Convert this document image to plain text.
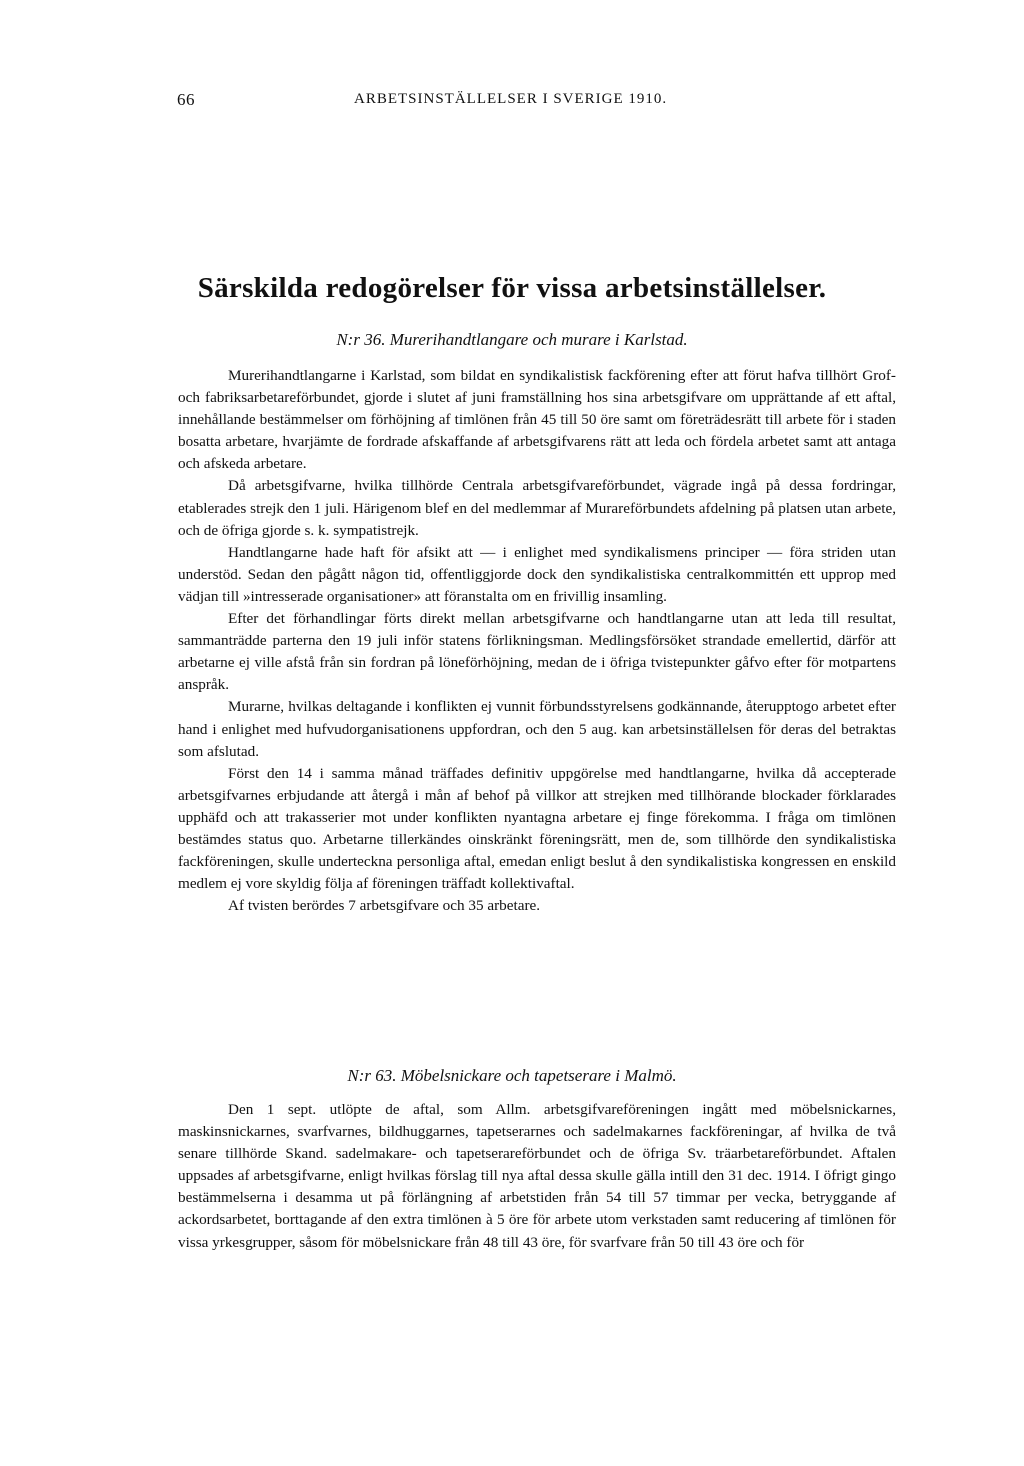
66	ARBETSINSTÄLLELSER I SVERIGE 1910.
Särskilda redogörelser för vissa arbetsinställelser.
N:r 36. Murerihandtlangare och murare i Karlstad.

Murerihandtlangarne i Karlstad, som bildat en syndikalistisk fackförening efter att förut hafva tillhört Grof- och fabriksarbetareförbundet, gjorde i slutet af juni framställning hos sina arbetsgifvare om upprättande af ett aftal, innehållande bestämmelser om förhöjning af timlönen från 45 till 50 öre samt om företrädesrätt till arbete för i staden bosatta arbetare, hvarjämte de fordrade afskaffande af arbetsgifvarens rätt att leda och fördela arbetet samt att antaga och afskeda arbetare.

Då arbetsgifvarne, hvilka tillhörde Centrala arbetsgifvareförbundet, vägrade ingå på dessa fordringar, etablerades strejk den 1 juli. Härigenom blef en del medlemmar af Murareförbundets afdelning på platsen utan arbete, och de öfriga gjorde s. k. sympatistrejk.

Handtlangarne hade haft för afsikt att — i enlighet med syndikalismens principer — föra striden utan understöd. Sedan den pågått någon tid, offentliggjorde dock den syndikalistiska centralkommittén ett upprop med vädjan till »intresserade organisationer» att föranstalta om en frivillig insamling.

Efter det förhandlingar förts direkt mellan arbetsgifvarne och handtlangarne utan att leda till resultat, sammanträdde parterna den 19 juli inför statens förlikningsman. Medlingsförsöket strandade emellertid, därför att arbetarne ej ville afstå från sin fordran på löneförhöjning, medan de i öfriga tvistepunkter gåfvo efter för motpartens anspråk.

Murarne, hvilkas deltagande i konflikten ej vunnit förbundsstyrelsens godkännande, återupptogo arbetet efter hand i enlighet med hufvudorganisationens uppfordran, och den 5 aug. kan arbetsinställelsen för deras del betraktas som afslutad.

Först den 14 i samma månad träffades definitiv uppgörelse med handtlangarne, hvilka då accepterade arbetsgifvarnes erbjudande att återgå i mån af behof på villkor att strejken med tillhörande blockader förklarades upphäfd och att trakasserier mot under konflikten nyantagna arbetare ej finge förekomma. I fråga om timlönen bestämdes status quo. Arbetarne tillerkändes oinskränkt föreningsrätt, men de, som tillhörde den syndikalistiska fackföreningen, skulle underteckna personliga aftal, emedan enligt beslut å den syndikalistiska kongressen en enskild medlem ej vore skyldig följa af föreningen träffadt kollektivaftal.

Af tvisten berördes 7 arbetsgifvare och 35 arbetare.

N:r 63. Möbelsnickare och tapetserare i Malmö.

Den 1 sept. utlöpte de aftal, som Allm. arbetsgifvareföreningen ingått med möbelsnickarnes, maskinsnickarnes, svarfvarnes, bildhuggarnes, tapetserarnes och sadelmakarnes fackföreningar, af hvilka de två senare tillhörde Skand. sadelmakare- och tapetserareförbundet och de öfriga Sv. träarbetareförbundet. Aftalen uppsades af arbetsgifvarne, enligt hvilkas förslag till nya aftal dessa skulle gälla intill den 31 dec. 1914. I öfrigt gingo bestämmelserna i desamma ut på förlängning af arbetstiden från 54 till 57 timmar per vecka, betryggande af ackordsarbetet, borttagande af den extra timlönen à 5 öre för arbete utom verkstaden samt reducering af timlönen för vissa yrkesgrupper, såsom för möbelsnickare från 48 till 43 öre, för svarfvare från 50 till 43 öre och för
